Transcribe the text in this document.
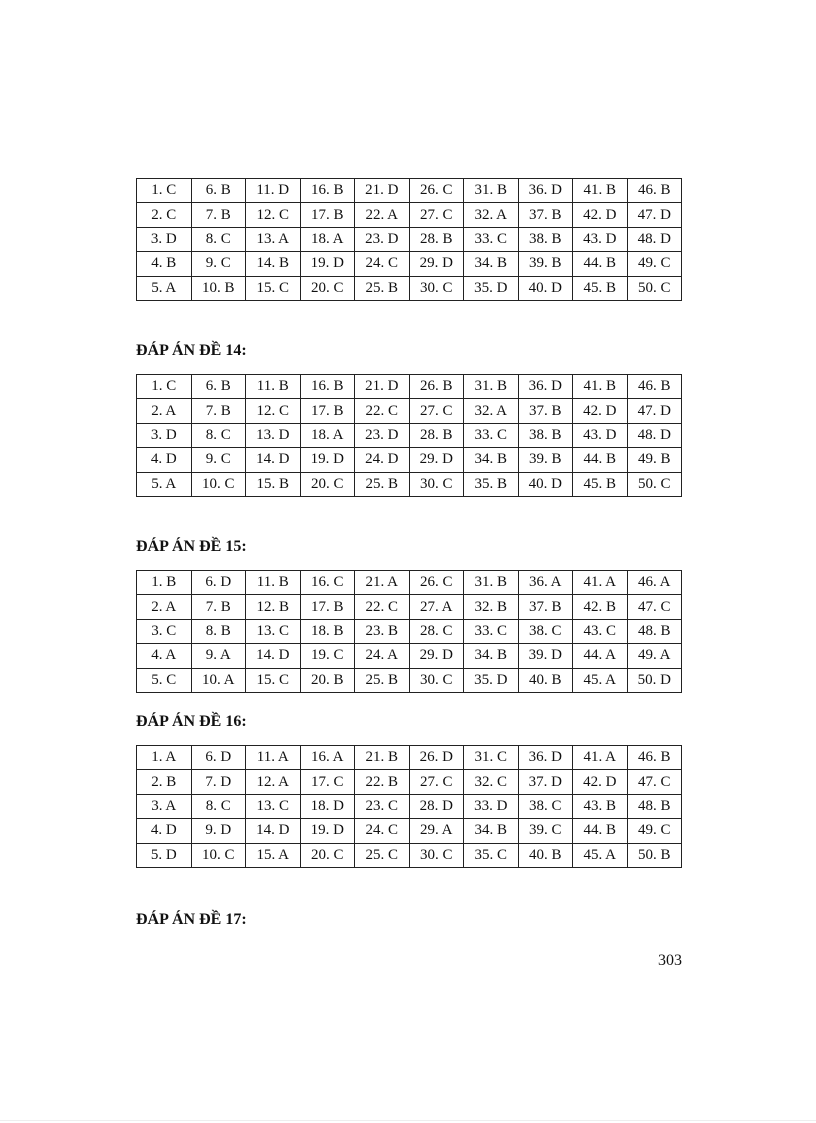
1. C	6. B	11. D	16. B	21. D	26. C	31. B	36. D	41. B	46. B
2. C	7. B	12. C	17. B	22. A	27. C	32. A	37. B	42. D	47. D
3. D	8. C	13. A	18. A	23. D	28. B	33. C	38. B	43. D	48. D
4. B	9. C	14. B	19. D	24. C	29. D	34. B	39. B	44. B	49. C
5. A	10. B	15. C	20. C	25. B	30. C	35. D	40. D	45. B	50. C
ĐÁP ÁN ĐỀ 14:
1. C	6. B	11. B	16. B	21. D	26. B	31. B	36. D	41. B	46. B
2. A	7. B	12. C	17. B	22. C	27. C	32. A	37. B	42. D	47. D
3. D	8. C	13. D	18. A	23. D	28. B	33. C	38. B	43. D	48. D
4. D	9. C	14. D	19. D	24. D	29. D	34. B	39. B	44. B	49. B
5. A	10. C	15. B	20. C	25. B	30. C	35. B	40. D	45. B	50. C
ĐÁP ÁN ĐỀ 15:
1. B	6. D	11. B	16. C	21. A	26. C	31. B	36. A	41. A	46. A
2. A	7. B	12. B	17. B	22. C	27. A	32. B	37. B	42. B	47. C
3. C	8. B	13. C	18. B	23. B	28. C	33. C	38. C	43. C	48. B
4. A	9. A	14. D	19. C	24. A	29. D	34. B	39. D	44. A	49. A
5. C	10. A	15. C	20. B	25. B	30. C	35. D	40. B	45. A	50. D
ĐÁP ÁN ĐỀ 16:
1. A	6. D	11. A	16. A	21. B	26. D	31. C	36. D	41. A	46. B
2. B	7. D	12. A	17. C	22. B	27. C	32. C	37. D	42. D	47. C
3. A	8. C	13. C	18. D	23. C	28. D	33. D	38. C	43. B	48. B
4. D	9. D	14. D	19. D	24. C	29. A	34. B	39. C	44. B	49. C
5. D	10. C	15. A	20. C	25. C	30. C	35. C	40. B	45. A	50. B
ĐÁP ÁN ĐỀ 17:
303
